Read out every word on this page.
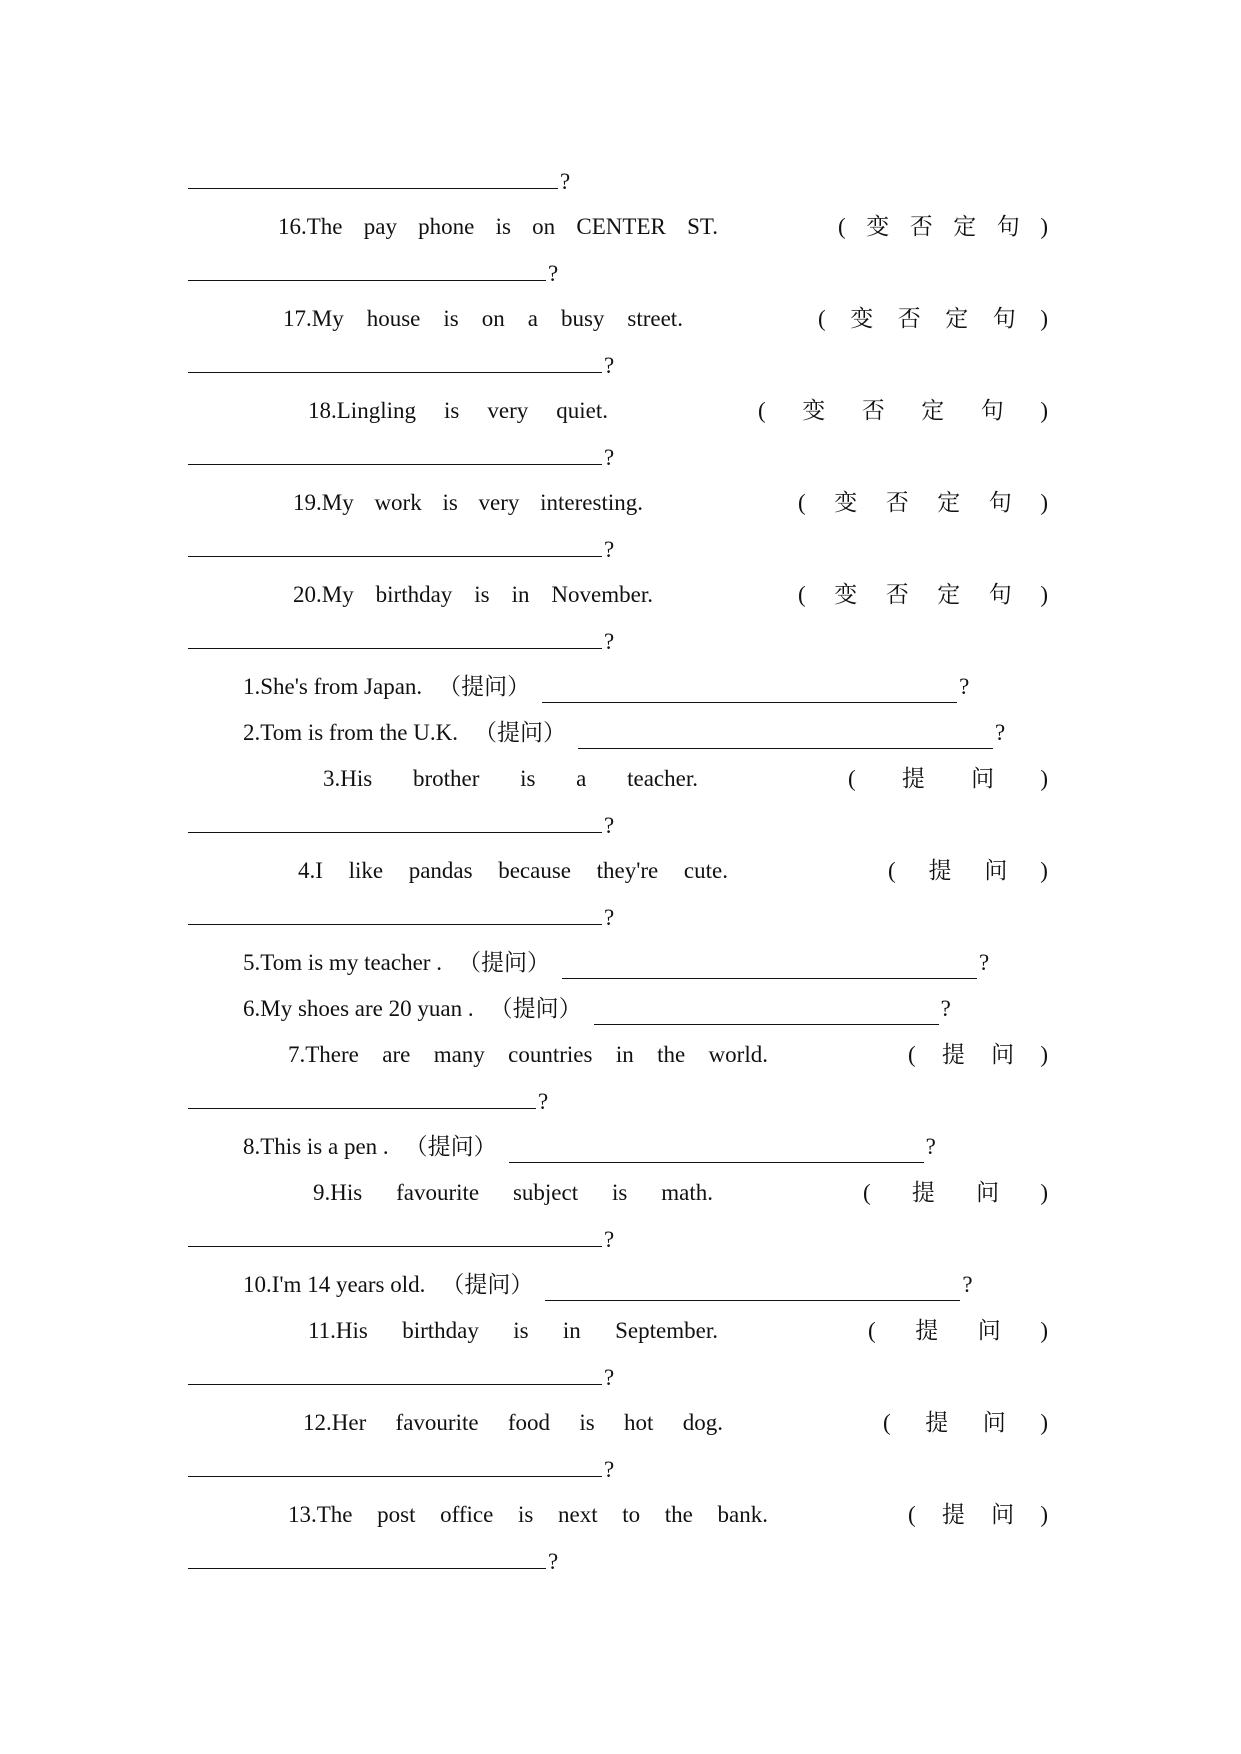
?
16.The pay phone is on CENTER ST.	( 变 否 定 句 )
?
17.My house is on a busy street.	( 变 否 定 句 )
?
18.Lingling is very quiet.	( 变 否 定 句 )
?
19.My work is very interesting.	( 变 否 定 句 )
?
20.My birthday is in November.	( 变 否 定 句 )
?
1.She's from Japan. （提问）	?
2.Tom is from the U.K. （提问）	?
3.His brother is a teacher.	( 提 问 )
?
4.I like pandas because they're cute.	( 提 问 )
?
5.Tom is my teacher . （提问）	?
6.My shoes are 20 yuan . （提问）	?
7.There are many countries in the world.	( 提 问 )
?
8.This is a pen . （提问）	?
9.His favourite subject is math.	( 提 问 )
?
10.I'm 14 years old. （提问）	?
11.His birthday is in September.	( 提 问 )
?
12.Her favourite food is hot dog.	( 提 问 )
?
13.The post office is next to the bank.	( 提 问 )
?
